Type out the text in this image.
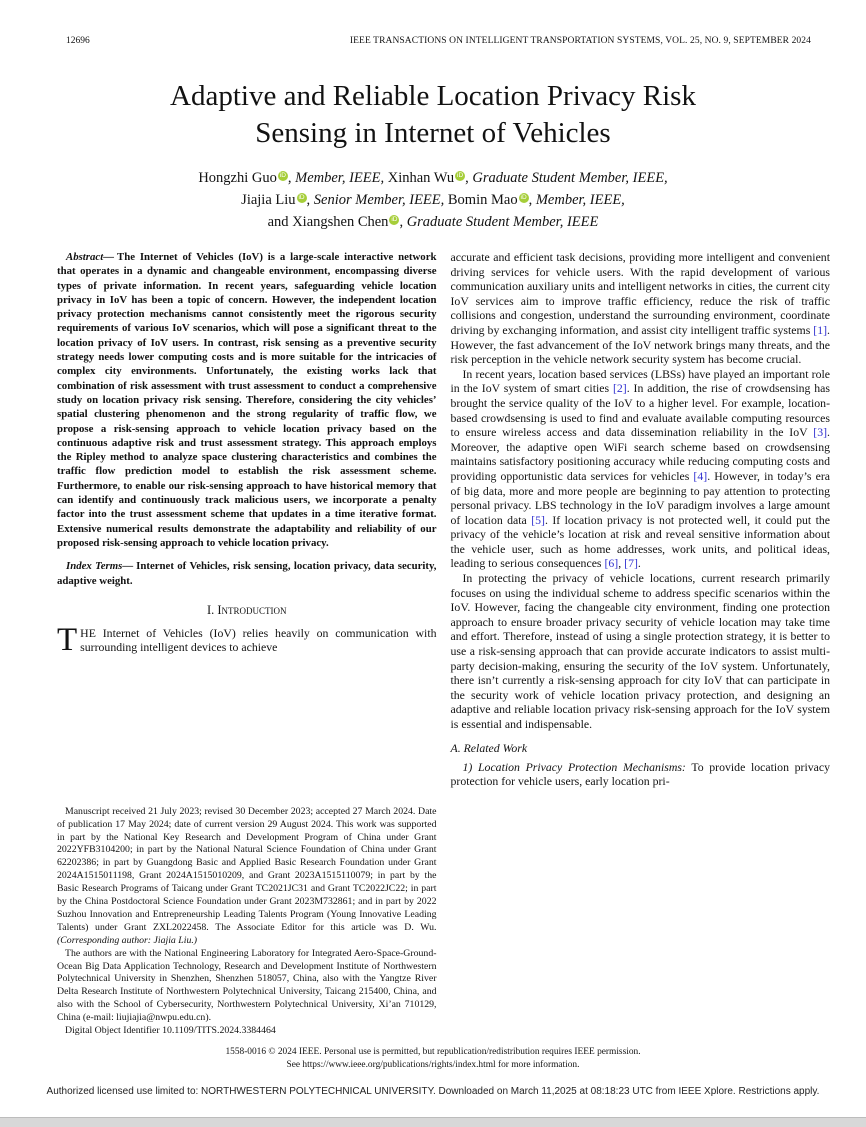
12696	IEEE TRANSACTIONS ON INTELLIGENT TRANSPORTATION SYSTEMS, VOL. 25, NO. 9, SEPTEMBER 2024
Adaptive and Reliable Location Privacy Risk
Sensing in Internet of Vehicles
Hongzhi Guo $^{iD}$ , Member, IEEE, Xinhan Wu $^{iD}$ , Graduate Student Member, IEEE,
Jiajia Liu $^{iD}$ , Senior Member, IEEE, Bomin Mao $^{iD}$ , Member, IEEE,
and Xiangshen Chen $^{iD}$ , Graduate Student Member, IEEE

Abstract— The Internet of Vehicles (IoV) is a large-scale interactive network that operates in a dynamic and changeable environment, encompassing diverse types of private information. In recent years, safeguarding vehicle location privacy in IoV has been a topic of concern. However, the independent location privacy protection mechanisms cannot consistently meet the rigorous security requirements of various IoV scenarios, which will pose a significant threat to the location privacy of IoV users. In contrast, risk sensing as a preventive security strategy needs lower computing costs and is more suitable for the intricacies of complex city environments. Unfortunately, the existing works lack that combination of risk assessment with trust assessment to conduct a comprehensive study on location privacy risk sensing. Therefore, considering the city vehicles’ spatial clustering phenomenon and the strong regularity of traffic flow, we propose a risk-sensing approach to vehicle location privacy based on the continuous adaptive risk and trust assessment strategy. This approach employs the Ripley method to analyze space clustering characteristics and combines the traffic flow prediction model to establish the risk assessment scheme. Furthermore, to enable our risk-sensing approach to have historical memory that can identify and continuously track malicious users, we incorporate a penalty factor into the trust assessment scheme that updates in a time iterative format. Extensive numerical results demonstrate the adaptability and reliability of our proposed risk-sensing approach to vehicle location privacy.

Index Terms— Internet of Vehicles, risk sensing, location privacy, data security, adaptive weight.

I. Introduction

THE Internet of Vehicles (IoV) relies heavily on communication with surrounding intelligent devices to achieve

Manuscript received 21 July 2023; revised 30 December 2023; accepted 27 March 2024. Date of publication 17 May 2024; date of current version 29 August 2024. This work was supported in part by the National Key Research and Development Program of China under Grant 2022YFB3104200; in part by the National Natural Science Foundation of China under Grant 62202386; in part by Guangdong Basic and Applied Basic Research Foundation under Grant 2024A1515011198, Grant 2024A1515010209, and Grant 2023A1515110079; in part by the Basic Research Programs of Taicang under Grant TC2021JC31 and Grant TC2022JC22; in part by the China Postdoctoral Science Foundation under Grant 2023M732861; and in part by 2022 Suzhou Innovation and Entrepreneurship Leading Talents Program (Young Innovative Leading Talents) under Grant ZXL2022458. The Associate Editor for this article was D. Wu. (Corresponding author: Jiajia Liu.)

The authors are with the National Engineering Laboratory for Integrated Aero-Space-Ground-Ocean Big Data Application Technology, Research and Development Institute of Northwestern Polytechnical University in Shenzhen, Shenzhen 518057, China, also with the Yangtze River Delta Research Institute of Northwestern Polytechnical University, Taicang 215400, China, and also with the School of Cybersecurity, Northwestern Polytechnical University, Xi’an 710129, China (e-mail: liujiajia@nwpu.edu.cn).

Digital Object Identifier 10.1109/TITS.2024.3384464

accurate and efficient task decisions, providing more intelligent and convenient driving services for vehicle users. With the rapid development of various communication auxiliary units and intelligent networks in cities, the current city IoV services aim to improve traffic efficiency, reduce the risk of traffic collisions and congestion, understand the surrounding environment, coordinate driving by exchanging information, and assist city intelligent traffic systems [1]. However, the fast advancement of the IoV network brings many threats, and the risk perception in the vehicle network security system has become crucial.

In recent years, location based services (LBSs) have played an important role in the IoV system of smart cities [2]. In addition, the rise of crowdsensing has brought the service quality of the IoV to a higher level. For example, location-based crowdsensing is used to find and evaluate available computing resources to ensure wireless access and data dissemination reliability in the IoV [3]. Moreover, the adaptive open WiFi search scheme based on crowdsensing maintains satisfactory positioning accuracy while reducing computing costs and providing opportunistic data services for vehicles [4]. However, in today’s era of big data, more and more people are beginning to pay attention to protecting personal privacy. LBS technology in the IoV paradigm involves a large amount of location data [5]. If location privacy is not protected well, it could put the privacy of the vehicle’s location at risk and reveal sensitive information about the vehicle user, such as home addresses, work units, and political ideas, leading to serious consequences [6], [7].

In protecting the privacy of vehicle locations, current research primarily focuses on using the individual scheme to address specific scenarios within the IoV. However, facing the changeable city environment, finding one protection approach to ensure broader privacy security of vehicle location may take time and effort. Therefore, instead of using a single protection strategy, it is better to use a risk-sensing approach that can provide accurate indicators to assist multi-party decision-making, ensuring the security of the IoV system. Unfortunately, there isn’t currently a risk-sensing approach for city IoV that can participate in the security work of vehicle location privacy protection, and designing an adaptive and reliable location privacy risk-sensing approach for the IoV system is essential and indispensable.

A. Related Work

1) Location Privacy Protection Mechanisms: To provide location privacy protection for vehicle users, early location pri-

1558-0016 © 2024 IEEE. Personal use is permitted, but republication/redistribution requires IEEE permission.
See https://www.ieee.org/publications/rights/index.html for more information.
Authorized licensed use limited to: NORTHWESTERN POLYTECHNICAL UNIVERSITY. Downloaded on March 11,2025 at 08:18:23 UTC from IEEE Xplore. Restrictions apply.
